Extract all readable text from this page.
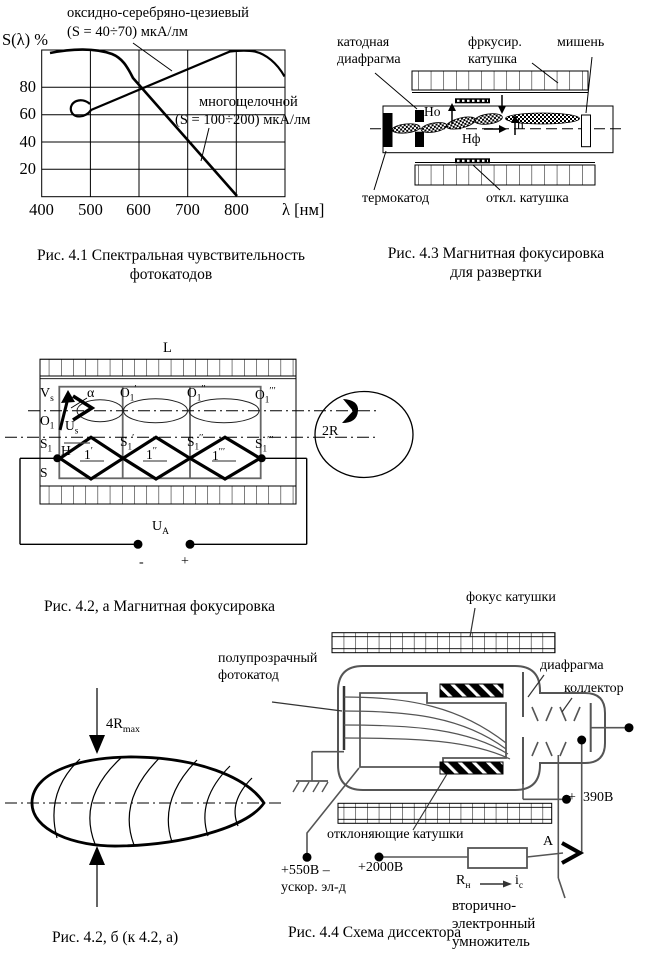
оксидно-серебряно-цезиевый
(S = 40÷70) мкА/лм
S(λ) %
многощелочной
(S = 100÷200) мкА/лм
80
60
40
20
400	500	600	700	800	λ [нм]
Рис. 4.1 Спектральная чувствительность
фотокатодов
катодная
диафрагма
фркусир.
катушка
мишень
Ho
Нф
h
термокатод	откл. катушка
Рис. 4.3 Магнитная фокусировка
для развертки
L
$V_s$ α
$O_1$
$O_1'$	$O_1''$	$O_1'''$
$U_s$
$S_1$ H 1′
$S_1'$
1′′
$S_1''$
1′′′
$S_1'''$
S
2R
$U_A$
-	+
Рис. 4.2, а Магнитная фокусировка
$4R_{max}$
Рис. 4.2, б (к 4.2, а)
фокус катушки
полупрозрачный
фотокатод
диафрагма
коллектор
отклоняющие катушки
+550В –
ускор. эл-д
+2000В
$R_н$	$i_с$
А
+ 390В
вторично-
электронный
умножитель
Рис. 4.4 Схема диссектора
